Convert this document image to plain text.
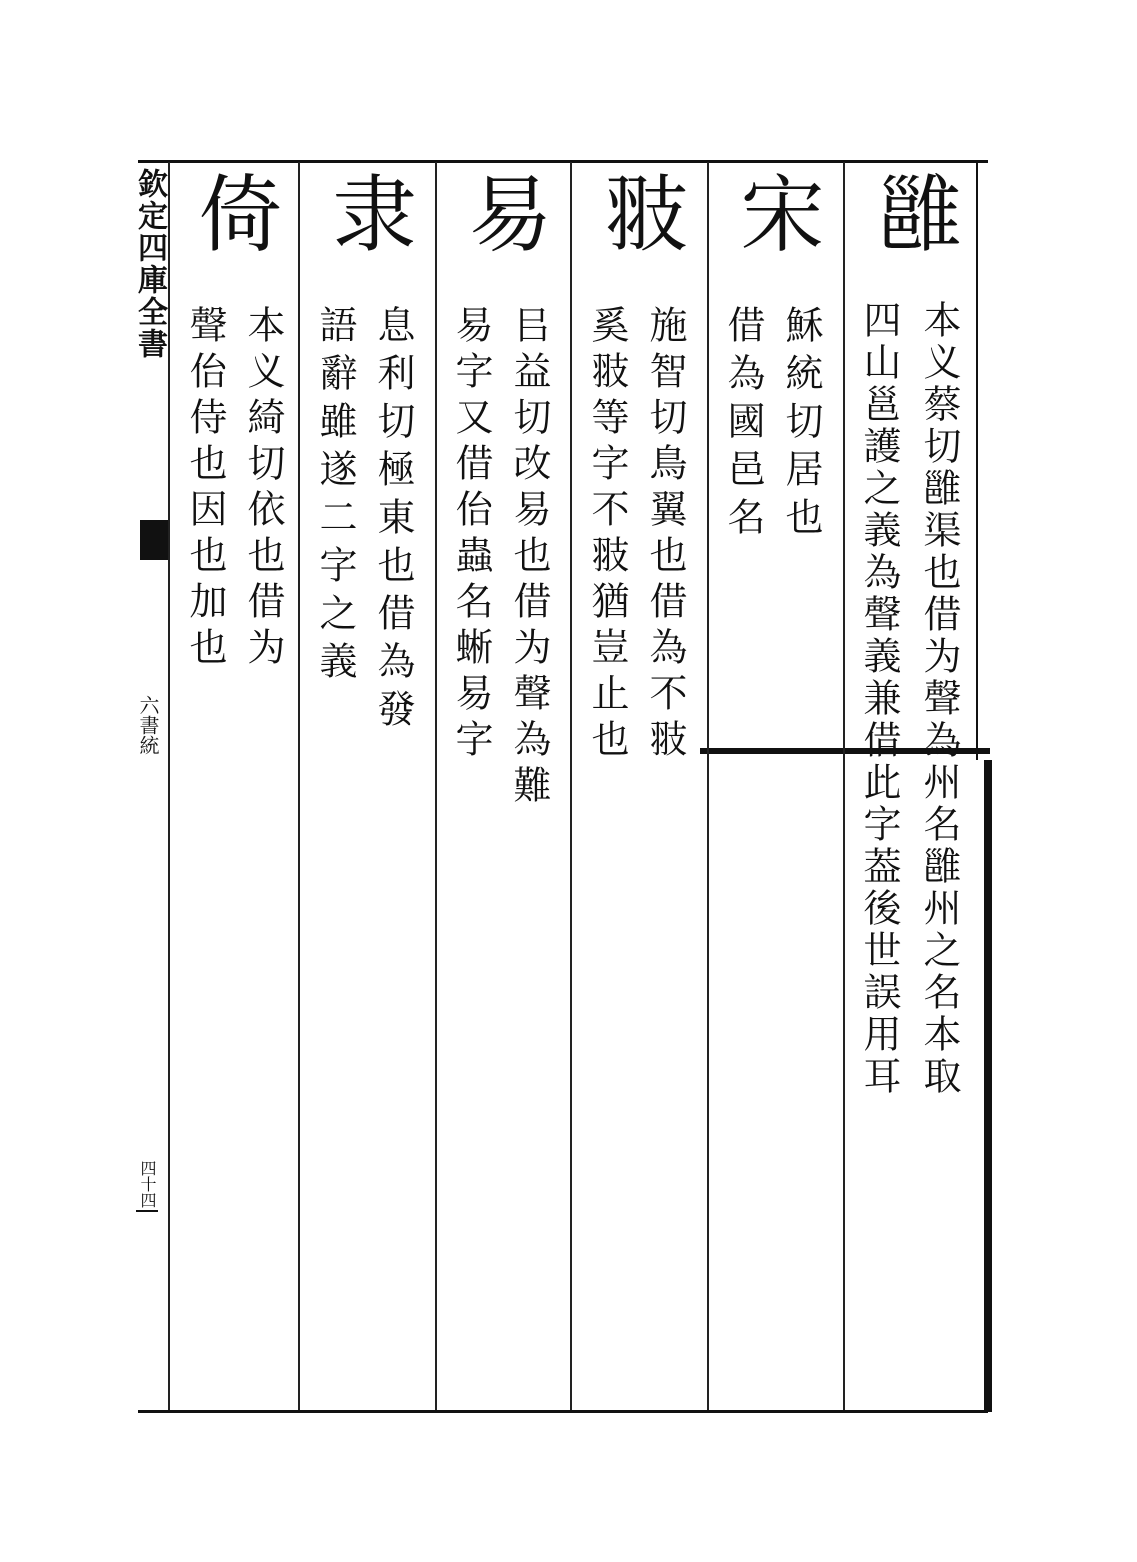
欽定四庫全書
六書統
四十四
雝
本义蔡切雝渠也借为聲為州名雝州之名本取
四山邕護之義為聲義兼借此字葢後世誤用耳
宋
穌統切居也
借為國邑名
翄
施智切鳥翼也借為不翄
奚翄等字不翄猶豈止也
易
㠯益切改易也借为聲為難
易字又借佁蟲名蜥易字
隶
息利切極東也借為發
語辭雖遂二字之義
倚
本义綺切依也借为
聲佁侍也因也加也
